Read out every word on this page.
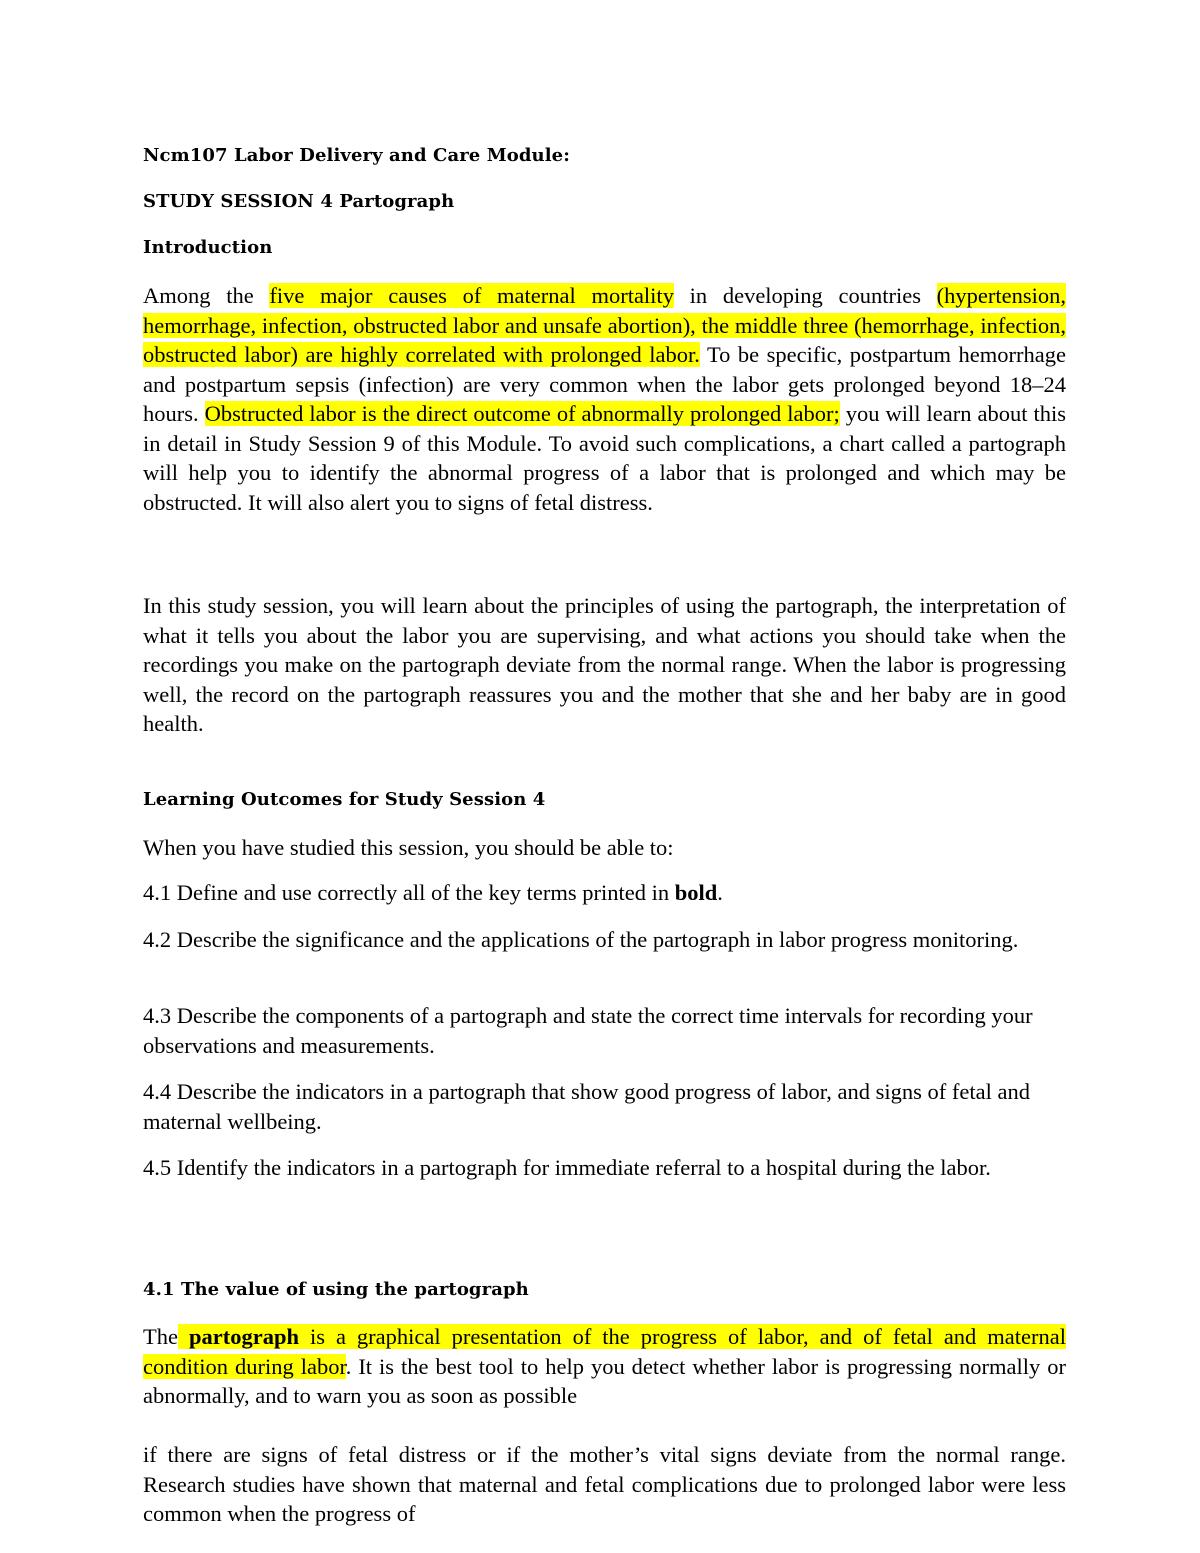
Ncm107 Labor Delivery and Care Module:
STUDY SESSION 4 Partograph
Introduction
Among the five major causes of maternal mortality in developing countries (hypertension, hemorrhage, infection, obstructed labor and unsafe abortion), the middle three (hemorrhage, infection, obstructed labor) are highly correlated with prolonged labor. To be specific, postpartum hemorrhage and postpartum sepsis (infection) are very common when the labor gets prolonged beyond 18–24 hours. Obstructed labor is the direct outcome of abnormally prolonged labor; you will learn about this in detail in Study Session 9 of this Module. To avoid such complications, a chart called a partograph will help you to identify the abnormal progress of a labor that is prolonged and which may be obstructed. It will also alert you to signs of fetal distress.
In this study session, you will learn about the principles of using the partograph, the interpretation of what it tells you about the labor you are supervising, and what actions you should take when the recordings you make on the partograph deviate from the normal range. When the labor is progressing well, the record on the partograph reassures you and the mother that she and her baby are in good health.
Learning Outcomes for Study Session 4
When you have studied this session, you should be able to:
4.1 Define and use correctly all of the key terms printed in bold.
4.2 Describe the significance and the applications of the partograph in labor progress monitoring.
4.3 Describe the components of a partograph and state the correct time intervals for recording your observations and measurements.
4.4 Describe the indicators in a partograph that show good progress of labor, and signs of fetal and maternal wellbeing.
4.5 Identify the indicators in a partograph for immediate referral to a hospital during the labor.
4.1 The value of using the partograph
The partograph is a graphical presentation of the progress of labor, and of fetal and maternal condition during labor. It is the best tool to help you detect whether labor is progressing normally or abnormally, and to warn you as soon as possible
if there are signs of fetal distress or if the mother’s vital signs deviate from the normal range. Research studies have shown that maternal and fetal complications due to prolonged labor were less common when the progress of
